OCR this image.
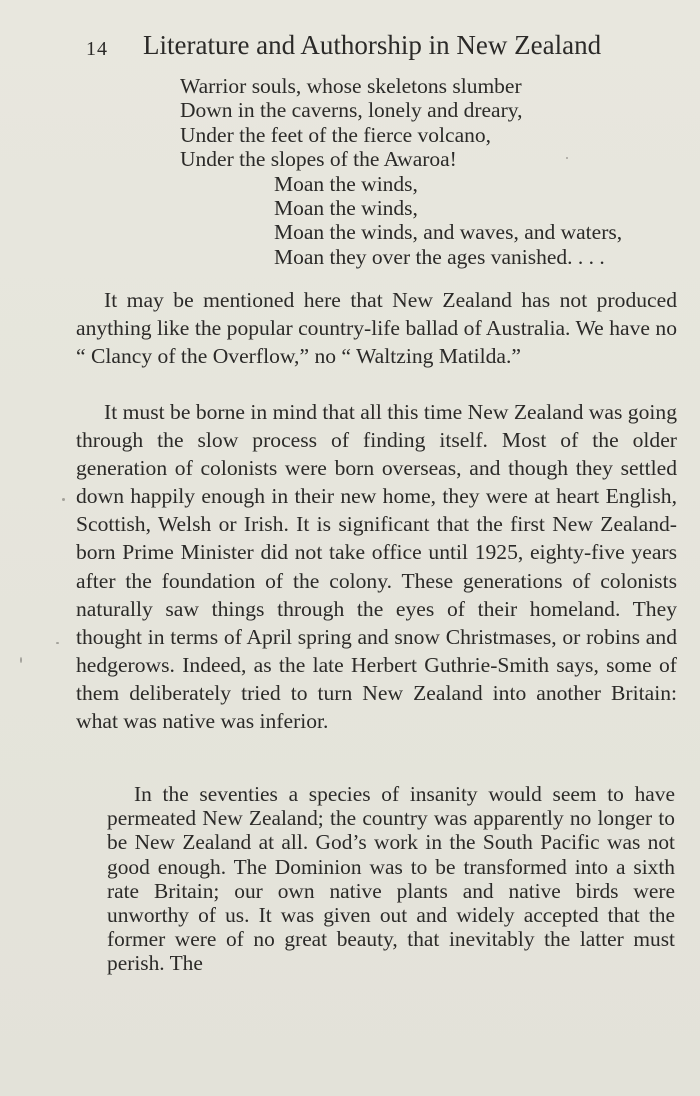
14 Literature and Authorship in New Zealand
Warrior souls, whose skeletons slumber
Down in the caverns, lonely and dreary,
Under the feet of the fierce volcano,
Under the slopes of the Awaroa!
Moan the winds,
Moan the winds,
Moan the winds, and waves, and waters,
Moan they over the ages vanished. . . .

It may be mentioned here that New Zealand has not produced anything like the popular country-life ballad of Australia. We have no “ Clancy of the Overflow,” no “ Waltzing Matilda.”

It must be borne in mind that all this time New Zealand was going through the slow process of finding itself. Most of the older generation of colonists were born overseas, and though they settled down happily enough in their new home, they were at heart English, Scottish, Welsh or Irish. It is significant that the first New Zealand-born Prime Minister did not take office until 1925, eighty-five years after the foundation of the colony. These generations of colonists naturally saw things through the eyes of their homeland. They thought in terms of April spring and snow Christmases, or robins and hedgerows. Indeed, as the late Herbert Guthrie-Smith says, some of them deliberately tried to turn New Zealand into another Britain: what was native was inferior.

In the seventies a species of insanity would seem to have permeated New Zealand; the country was apparently no longer to be New Zealand at all. God’s work in the South Pacific was not good enough. The Dominion was to be transformed into a sixth rate Britain; our own native plants and native birds were unworthy of us. It was given out and widely accepted that the former were of no great beauty, that inevitably the latter must perish. The
